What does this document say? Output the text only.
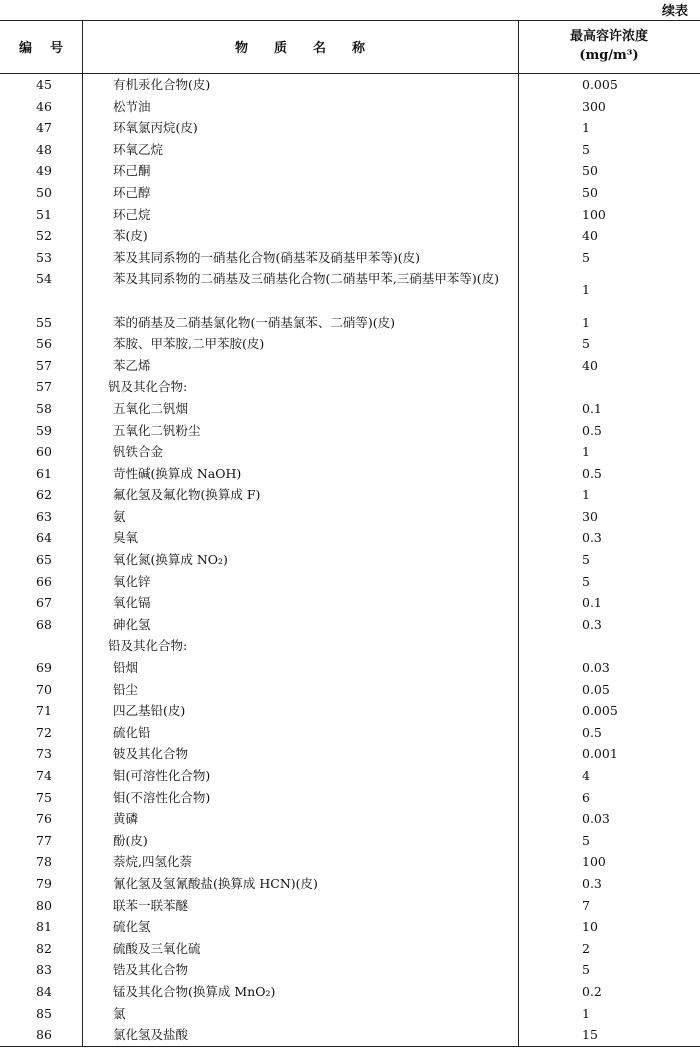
续表
编号	物质名称
最高容许浓度
(mg/m³)
45	有机汞化合物(皮)	0.005
46	松节油	300
47	环氧氯丙烷(皮)	1
48	环氧乙烷	5
49	环己酮	50
50	环己醇	50
51	环己烷	100
52	苯(皮)	40
53	苯及其同系物的一硝基化合物(硝基苯及硝基甲苯等)(皮)	5
54	苯及其同系物的二硝基及三硝基化合物(二硝基甲苯,三硝基甲苯等)(皮)
1
55	苯的硝基及二硝基氯化物(一硝基氯苯、二硝等)(皮)	1
56	苯胺、甲苯胺,二甲苯胺(皮)	5
57	苯乙烯	40
57	钒及其化合物:
58	五氧化二钒烟	0.1
59	五氧化二钒粉尘	0.5
60	钒铁合金	1
61	苛性碱(换算成 NaOH)	0.5
62	氟化氢及氟化物(换算成 F)	1
63	氨	30
64	臭氧	0.3
65	氧化氮(换算成 NO₂)	5
66	氧化锌	5
67	氧化镉	0.1
68	砷化氢	0.3
铅及其化合物:
69	铅烟	0.03
70	铅尘	0.05
71	四乙基铅(皮)	0.005
72	硫化铅	0.5
73	铍及其化合物	0.001
74	钼(可溶性化合物)	4
75	钼(不溶性化合物)	6
76	黄磷	0.03
77	酚(皮)	5
78	萘烷,四氢化萘	100
79	氰化氢及氢氰酸盐(换算成 HCN)(皮)	0.3
80	联苯一联苯醚	7
81	硫化氢	10
82	硫酸及三氧化硫	2
83	锆及其化合物	5
84	锰及其化合物(换算成 MnO₂)	0.2
85	氯	1
86	氯化氢及盐酸	15
